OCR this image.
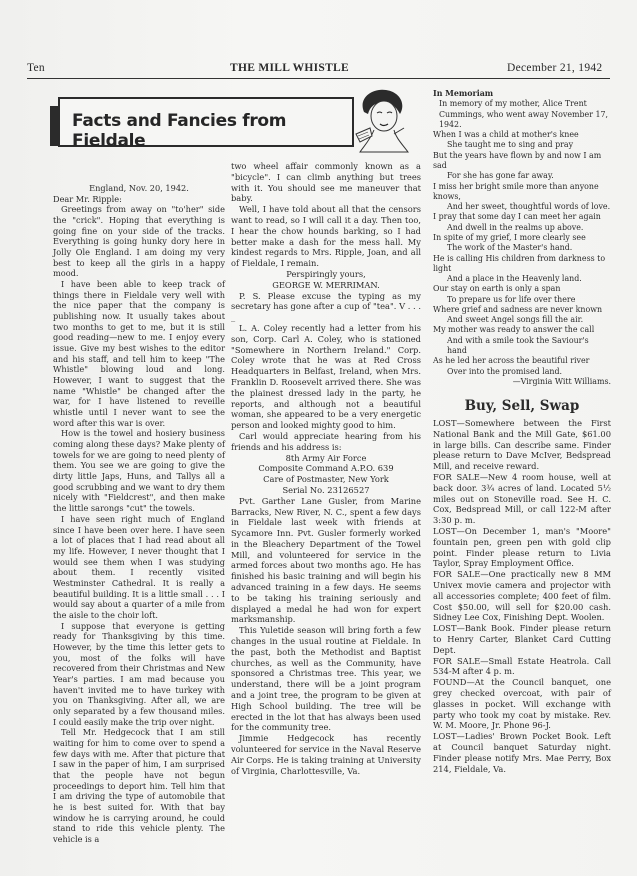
Ten	THE MILL WHISTLE	December 21, 1942
Facts and Fancies from Fieldale

England, Nov. 20, 1942.

Dear Mr. Ripple:

Greetings from away on "to'her" side the "crick". Hoping that everything is going fine on your side of the tracks. Everything is going hunky dory here in Jolly Ole England. I am doing my very best to keep all the girls in a happy mood.

I have been able to keep track of things there in Fieldale very well with the nice paper that the company is publishing now. It usually takes about two months to get to me, but it is still good reading—new to me. I enjoy every issue. Give my best wishes to the editor and his staff, and tell him to keep "The Whistle" blowing loud and long. However, I want to suggest that the name "Whistle" be changed after the war, for I have listened to reveille whistle until I never want to see the word after this war is over.

How is the towel and hosiery business coming along these days? Make plenty of towels for we are going to need plenty of them. You see we are going to give the dirty little Japs, Huns, and Tallys all a good scrubbing and we want to dry them nicely with "Fieldcrest", and then make the little sarongs "cut" the towels.

I have seen right much of England since I have been over here. I have seen a lot of places that I had read about all my life. However, I never thought that I would see them when I was studying about them. I recently visited Westminster Cathedral. It is really a beautiful building. It is a little small . . . I would say about a quarter of a mile from the aisle to the choir loft.

I suppose that everyone is getting ready for Thanksgiving by this time. However, by the time this letter gets to you, most of the folks will have recovered from their Christmas and New Year's parties. I am mad because you haven't invited me to have turkey with you on Thanksgiving. After all, we are only separated by a few thousand miles. I could easily make the trip over night.

Tell Mr. Hedgecock that I am still waiting for him to come over to spend a few days with me. After that picture that I saw in the paper of him, I am surprised that the people have not begun proceedings to deport him. Tell him that I am driving the type of automobile that he is best suited for. With that bay window he is carrying around, he could stand to ride this vehicle plenty. The vehicle is a

two wheel affair commonly known as a "bicycle". I can climb anything but trees with it. You should see me maneuver that baby.

Well, I have told about all that the censors want to read, so I will call it a day. Then too, I hear the chow hounds barking, so I had better make a dash for the mess hall. My kindest regards to Mrs. Ripple, Joan, and all of Fieldale, I remain.

Perspiringly yours,

GEORGE W. MERRIMAN.

P. S. Please excuse the typing as my secretary has gone after a cup of "tea". V . . . _

L. A. Coley recently had a letter from his son, Corp. Carl A. Coley, who is stationed "Somewhere in Northern Ireland." Corp. Coley wrote that he was at Red Cross Headquarters in Belfast, Ireland, when Mrs. Franklin D. Roosevelt arrived there. She was the plainest dressed lady in the party, he reports, and although not a beautiful woman, she appeared to be a very energetic person and looked mighty good to him.

Carl would appreciate hearing from his friends and his address is:

8th Army Air Force

Composite Command A.P.O. 639

Care of Postmaster, New York

Serial No. 23126527

Pvt. Garther Lane Gusler, from Marine Barracks, New River, N. C., spent a few days in Fieldale last week with friends at Sycamore Inn. Pvt. Gusler formerly worked in the Bleachery Department of the Towel Mill, and volunteered for service in the armed forces about two months ago. He has finished his basic training and will begin his advanced training in a few days. He seems to be taking his training seriously and displayed a medal he had won for expert marksmanship.

This Yuletide season will bring forth a few changes in the usual routine at Fieldale. In the past, both the Methodist and Baptist churches, as well as the Community, have sponsored a Christmas tree. This year, we understand, there will be a joint program and a joint tree, the program to be given at High School building. The tree will be erected in the lot that has always been used for the community tree.

Jimmie Hedgecock has recently volunteered for service in the Naval Reserve Air Corps. He is taking training at University of Virginia, Charlottesville, Va.

In Memoriam

In memory of my mother, Alice Trent Cummings, who went away November 17, 1942.

When I was a child at mother's knee

She taught me to sing and pray

But the years have flown by and now I am sad

For she has gone far away.

I miss her bright smile more than anyone knows,

And her sweet, thoughtful words of love.

I pray that some day I can meet her again

And dwell in the realms up above.

In spite of my grief, I more clearly see

The work of the Master's hand.

He is calling His children from darkness to light

And a place in the Heavenly land.

Our stay on earth is only a span

To prepare us for life over there

Where grief and sadness are never known

And sweet Angel songs fill the air.

My mother was ready to answer the call

And with a smile took the Saviour's hand

As he led her across the beautiful river

Over into the promised land.

—Virginia Witt Williams.

Buy, Sell, Swap

LOST—Somewhere between the First National Bank and the Mill Gate, $61.00 in large bills. Can describe same. Finder please return to Dave McIver, Bedspread Mill, and receive reward.

FOR SALE—New 4 room house, well at back door. 3¾ acres of land. Located 5½ miles out on Stoneville road. See H. C. Cox, Bedspread Mill, or call 122-M after 3:30 p. m.

LOST—On December 1, man's "Moore" fountain pen, green pen with gold clip point. Finder please return to Livia Taylor, Spray Employment Office.

FOR SALE—One practically new 8 MM Univex movie camera and projector with all accessories complete; 400 feet of film. Cost $50.00, will sell for $20.00 cash. Sidney Lee Cox, Finishing Dept. Woolen.

LOST—Bank Book. Finder please return to Henry Carter, Blanket Card Cutting Dept.

FOR SALE—Small Estate Heatrola. Call 534-M after 4 p. m.

FOUND—At the Council banquet, one grey checked overcoat, with pair of glasses in pocket. Will exchange with party who took my coat by mistake. Rev. W. M. Moore, Jr. Phone 96-J.

LOST—Ladies' Brown Pocket Book. Left at Council banquet Saturday night. Finder please notify Mrs. Mae Perry, Box 214, Fieldale, Va.
